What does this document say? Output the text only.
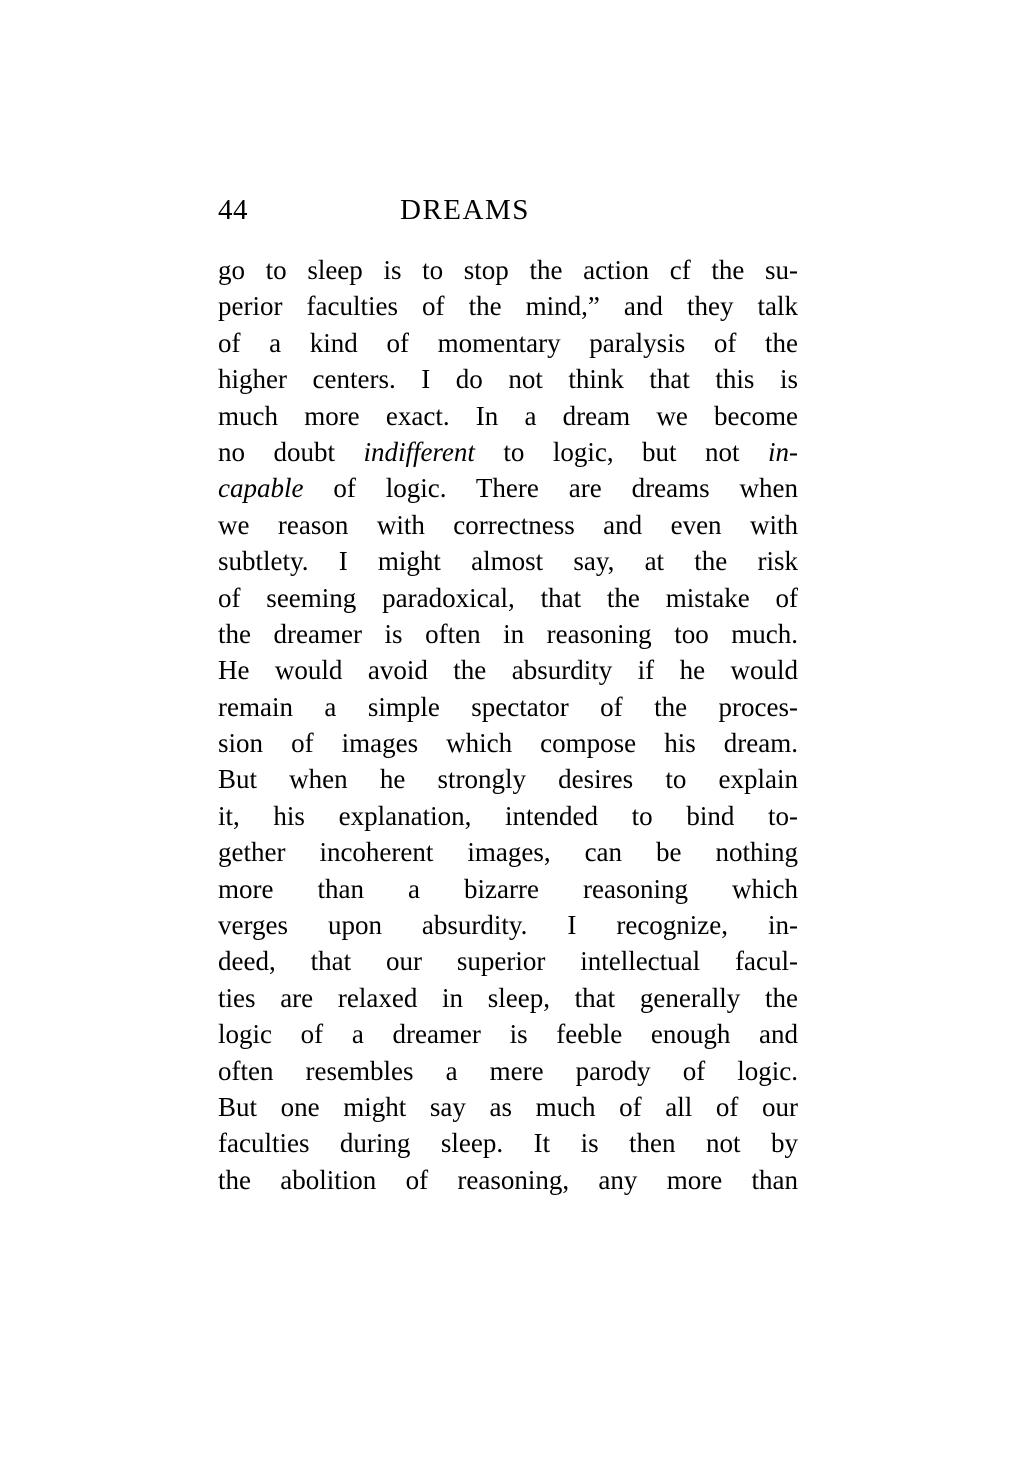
44	DREAMS
go to sleep is to stop the action cf the su-
perior faculties of the mind,” and they talk
of a kind of momentary paralysis of the
higher centers. I do not think that this is
much more exact. In a dream we become
no doubt indifferent to logic, but not in-
capable of logic. There are dreams when
we reason with correctness and even with
subtlety. I might almost say, at the risk
of seeming paradoxical, that the mistake of
the dreamer is often in reasoning too much.
He would avoid the absurdity if he would
remain a simple spectator of the proces-
sion of images which compose his dream.
But when he strongly desires to explain
it, his explanation, intended to bind to-
gether incoherent images, can be nothing
more than a bizarre reasoning which
verges upon absurdity. I recognize, in-
deed, that our superior intellectual facul-
ties are relaxed in sleep, that generally the
logic of a dreamer is feeble enough and
often resembles a mere parody of logic.
But one might say as much of all of our
faculties during sleep. It is then not by
the abolition of reasoning, any more than
